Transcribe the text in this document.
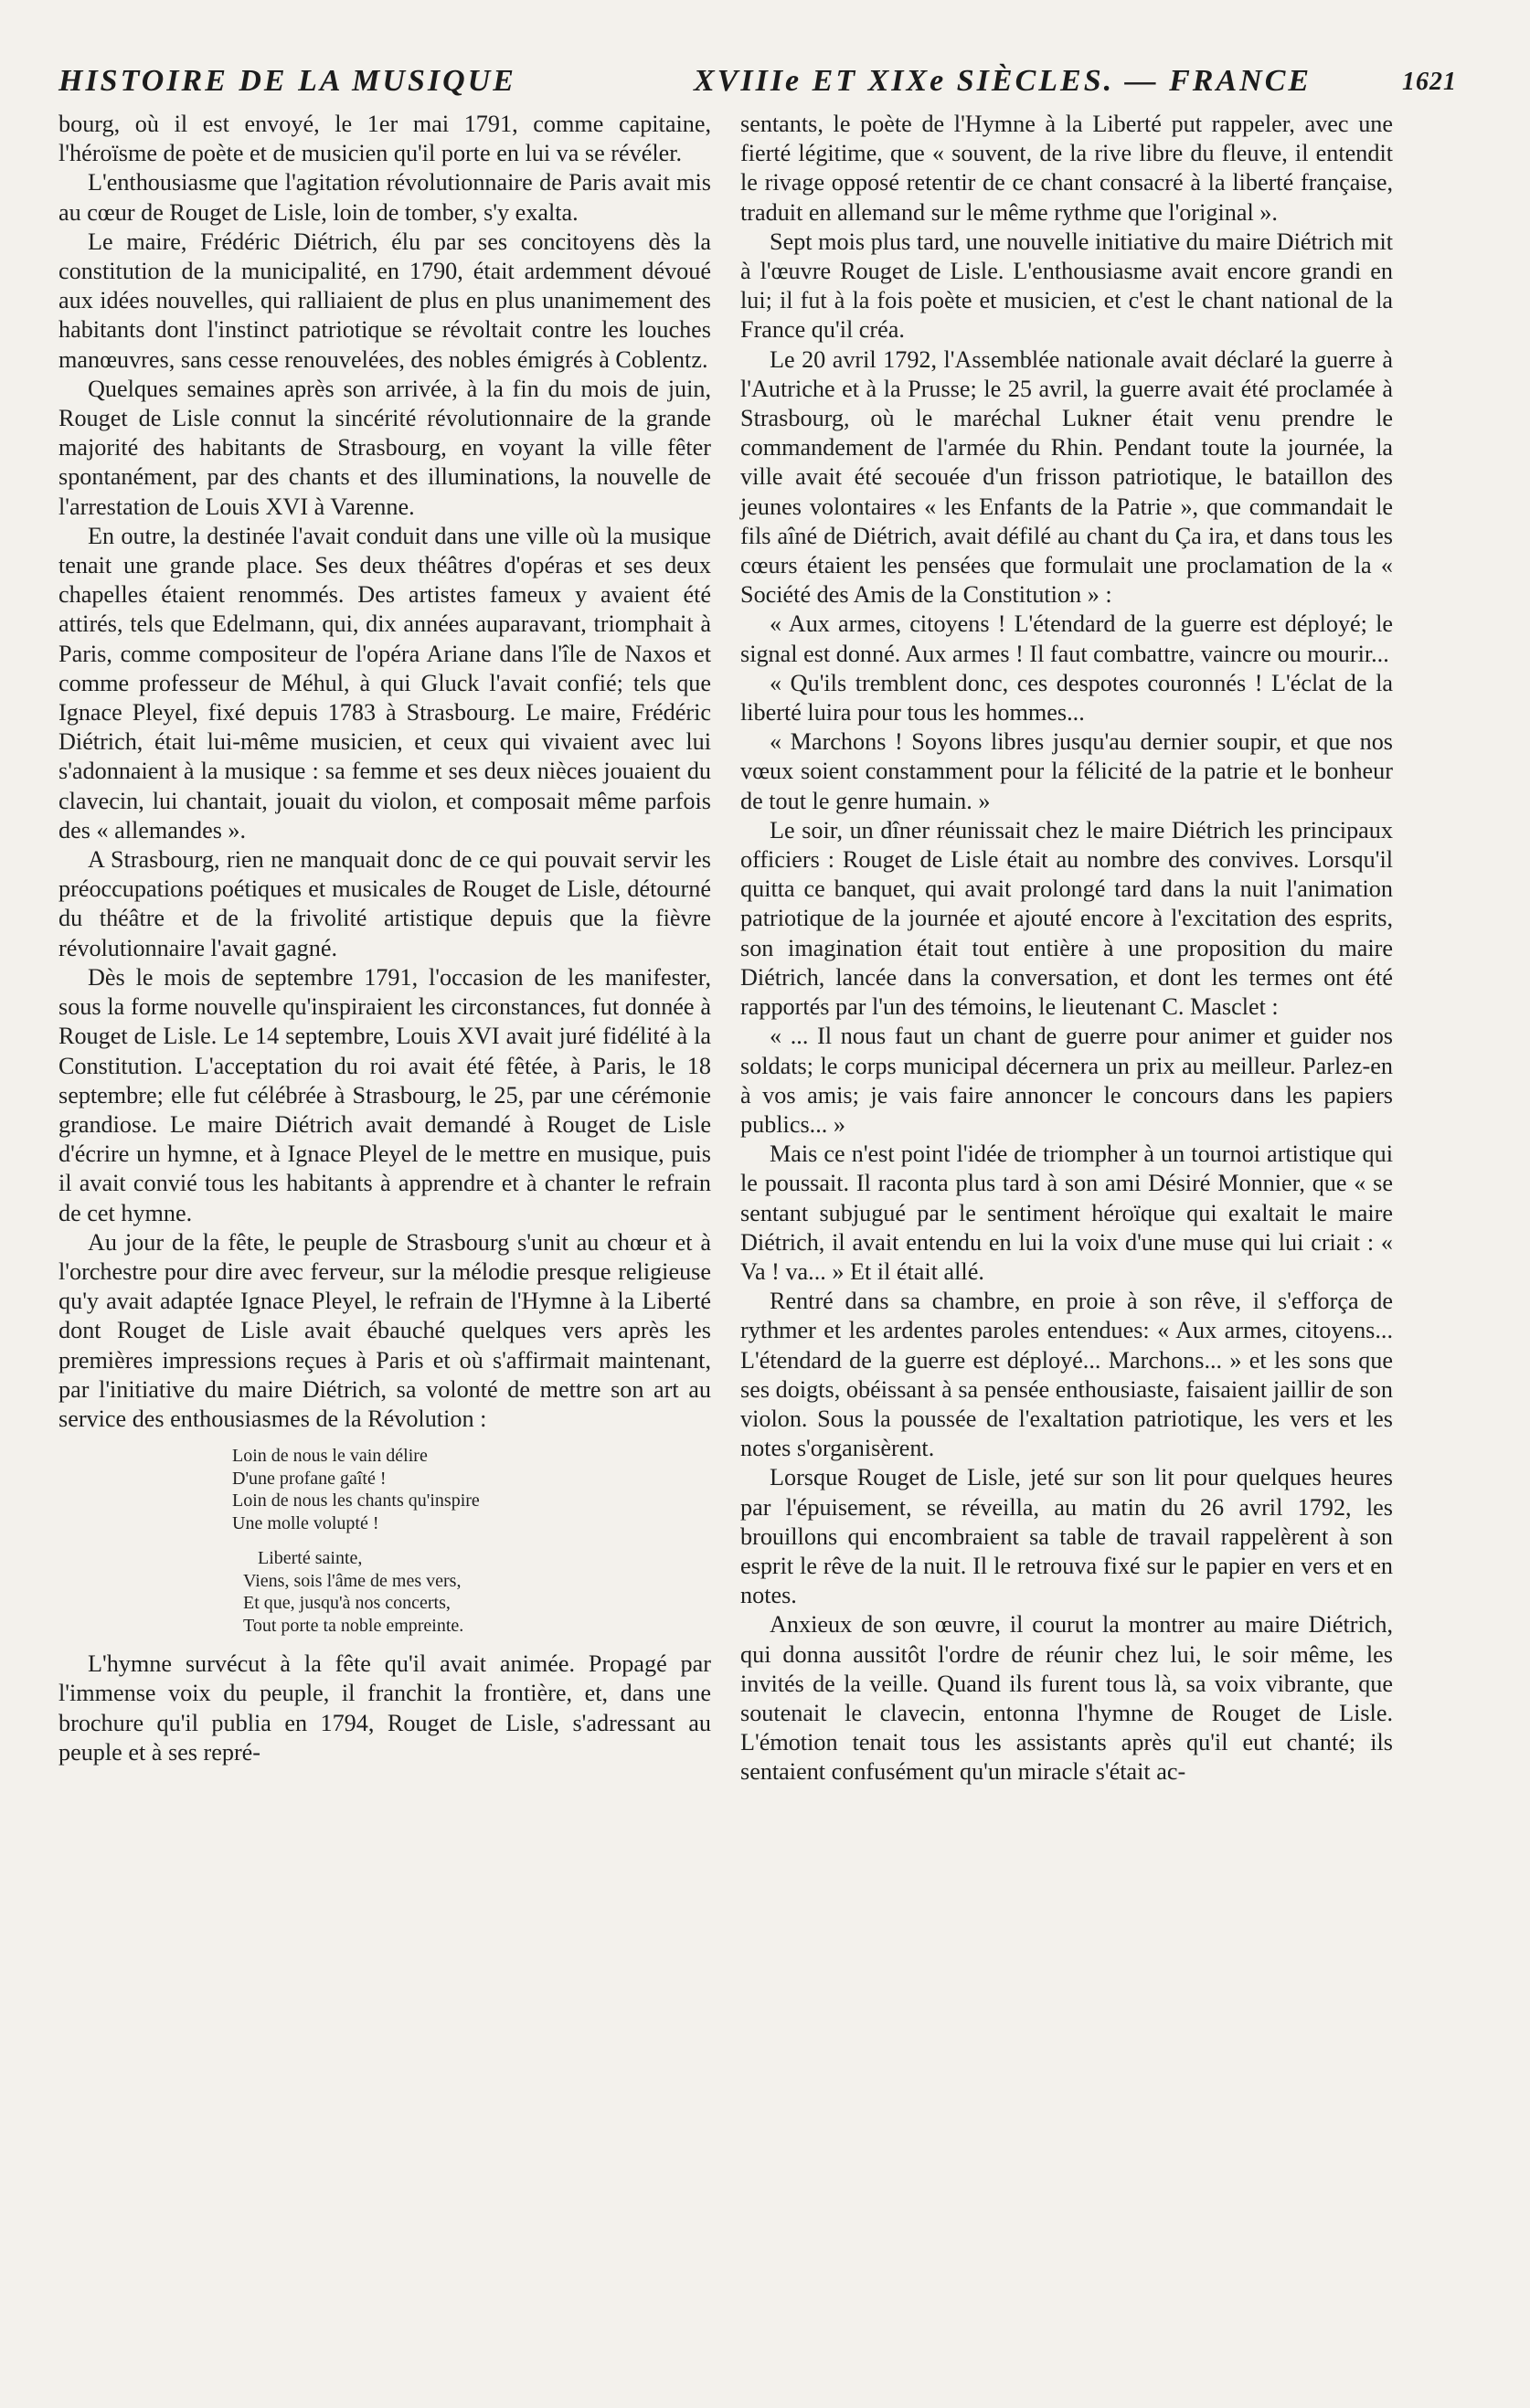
HISTOIRE DE LA MUSIQUE	XVIIIe ET XIXe SIÈCLES. — FRANCE	1621

bourg, où il est envoyé, le 1er mai 1791, comme capitaine, l'héroïsme de poète et de musicien qu'il porte en lui va se révéler.

L'enthousiasme que l'agitation révolutionnaire de Paris avait mis au cœur de Rouget de Lisle, loin de tomber, s'y exalta.

Le maire, Frédéric Diétrich, élu par ses concitoyens dès la constitution de la municipalité, en 1790, était ardemment dévoué aux idées nouvelles, qui ralliaient de plus en plus unanimement des habitants dont l'instinct patriotique se révoltait contre les louches manœuvres, sans cesse renouvelées, des nobles émigrés à Coblentz.

Quelques semaines après son arrivée, à la fin du mois de juin, Rouget de Lisle connut la sincérité révolutionnaire de la grande majorité des habitants de Strasbourg, en voyant la ville fêter spontanément, par des chants et des illuminations, la nouvelle de l'arrestation de Louis XVI à Varenne.

En outre, la destinée l'avait conduit dans une ville où la musique tenait une grande place. Ses deux théâtres d'opéras et ses deux chapelles étaient renommés. Des artistes fameux y avaient été attirés, tels que Edelmann, qui, dix années auparavant, triomphait à Paris, comme compositeur de l'opéra Ariane dans l'île de Naxos et comme professeur de Méhul, à qui Gluck l'avait confié; tels que Ignace Pleyel, fixé depuis 1783 à Strasbourg. Le maire, Frédéric Diétrich, était lui-même musicien, et ceux qui vivaient avec lui s'adonnaient à la musique : sa femme et ses deux nièces jouaient du clavecin, lui chantait, jouait du violon, et composait même parfois des « allemandes ».

A Strasbourg, rien ne manquait donc de ce qui pouvait servir les préoccupations poétiques et musicales de Rouget de Lisle, détourné du théâtre et de la frivolité artistique depuis que la fièvre révolutionnaire l'avait gagné.

Dès le mois de septembre 1791, l'occasion de les manifester, sous la forme nouvelle qu'inspiraient les circonstances, fut donnée à Rouget de Lisle. Le 14 septembre, Louis XVI avait juré fidélité à la Constitution. L'acceptation du roi avait été fêtée, à Paris, le 18 septembre; elle fut célébrée à Strasbourg, le 25, par une cérémonie grandiose. Le maire Diétrich avait demandé à Rouget de Lisle d'écrire un hymne, et à Ignace Pleyel de le mettre en musique, puis il avait convié tous les habitants à apprendre et à chanter le refrain de cet hymne.

Au jour de la fête, le peuple de Strasbourg s'unit au chœur et à l'orchestre pour dire avec ferveur, sur la mélodie presque religieuse qu'y avait adaptée Ignace Pleyel, le refrain de l'Hymne à la Liberté dont Rouget de Lisle avait ébauché quelques vers après les premières impressions reçues à Paris et où s'affirmait maintenant, par l'initiative du maire Diétrich, sa volonté de mettre son art au service des enthousiasmes de la Révolution :

Loin de nous le vain délire
D'une profane gaîté !
Loin de nous les chants qu'inspire
Une molle volupté !
Liberté sainte,
Viens, sois l'âme de mes vers,
Et que, jusqu'à nos concerts,
Tout porte ta noble empreinte.

L'hymne survécut à la fête qu'il avait animée. Propagé par l'immense voix du peuple, il franchit la frontière, et, dans une brochure qu'il publia en 1794, Rouget de Lisle, s'adressant au peuple et à ses repré-

sentants, le poète de l'Hymne à la Liberté put rappeler, avec une fierté légitime, que « souvent, de la rive libre du fleuve, il entendit le rivage opposé retentir de ce chant consacré à la liberté française, traduit en allemand sur le même rythme que l'original ».

Sept mois plus tard, une nouvelle initiative du maire Diétrich mit à l'œuvre Rouget de Lisle. L'enthousiasme avait encore grandi en lui; il fut à la fois poète et musicien, et c'est le chant national de la France qu'il créa.

Le 20 avril 1792, l'Assemblée nationale avait déclaré la guerre à l'Autriche et à la Prusse; le 25 avril, la guerre avait été proclamée à Strasbourg, où le maréchal Lukner était venu prendre le commandement de l'armée du Rhin. Pendant toute la journée, la ville avait été secouée d'un frisson patriotique, le bataillon des jeunes volontaires « les Enfants de la Patrie », que commandait le fils aîné de Diétrich, avait défilé au chant du Ça ira, et dans tous les cœurs étaient les pensées que formulait une proclamation de la « Société des Amis de la Constitution » :

« Aux armes, citoyens ! L'étendard de la guerre est déployé; le signal est donné. Aux armes ! Il faut combattre, vaincre ou mourir...

« Qu'ils tremblent donc, ces despotes couronnés ! L'éclat de la liberté luira pour tous les hommes...

« Marchons ! Soyons libres jusqu'au dernier soupir, et que nos vœux soient constamment pour la félicité de la patrie et le bonheur de tout le genre humain. »

Le soir, un dîner réunissait chez le maire Diétrich les principaux officiers : Rouget de Lisle était au nombre des convives. Lorsqu'il quitta ce banquet, qui avait prolongé tard dans la nuit l'animation patriotique de la journée et ajouté encore à l'excitation des esprits, son imagination était tout entière à une proposition du maire Diétrich, lancée dans la conversation, et dont les termes ont été rapportés par l'un des témoins, le lieutenant C. Masclet :

« ... Il nous faut un chant de guerre pour animer et guider nos soldats; le corps municipal décernera un prix au meilleur. Parlez-en à vos amis; je vais faire annoncer le concours dans les papiers publics... »

Mais ce n'est point l'idée de triompher à un tournoi artistique qui le poussait. Il raconta plus tard à son ami Désiré Monnier, que « se sentant subjugué par le sentiment héroïque qui exaltait le maire Diétrich, il avait entendu en lui la voix d'une muse qui lui criait : « Va ! va... » Et il était allé.

Rentré dans sa chambre, en proie à son rêve, il s'efforça de rythmer et les ardentes paroles entendues: « Aux armes, citoyens... L'étendard de la guerre est déployé... Marchons... » et les sons que ses doigts, obéissant à sa pensée enthousiaste, faisaient jaillir de son violon. Sous la poussée de l'exaltation patriotique, les vers et les notes s'organisèrent.

Lorsque Rouget de Lisle, jeté sur son lit pour quelques heures par l'épuisement, se réveilla, au matin du 26 avril 1792, les brouillons qui encombraient sa table de travail rappelèrent à son esprit le rêve de la nuit. Il le retrouva fixé sur le papier en vers et en notes.

Anxieux de son œuvre, il courut la montrer au maire Diétrich, qui donna aussitôt l'ordre de réunir chez lui, le soir même, les invités de la veille. Quand ils furent tous là, sa voix vibrante, que soutenait le clavecin, entonna l'hymne de Rouget de Lisle. L'émotion tenait tous les assistants après qu'il eut chanté; ils sentaient confusément qu'un miracle s'était ac-
